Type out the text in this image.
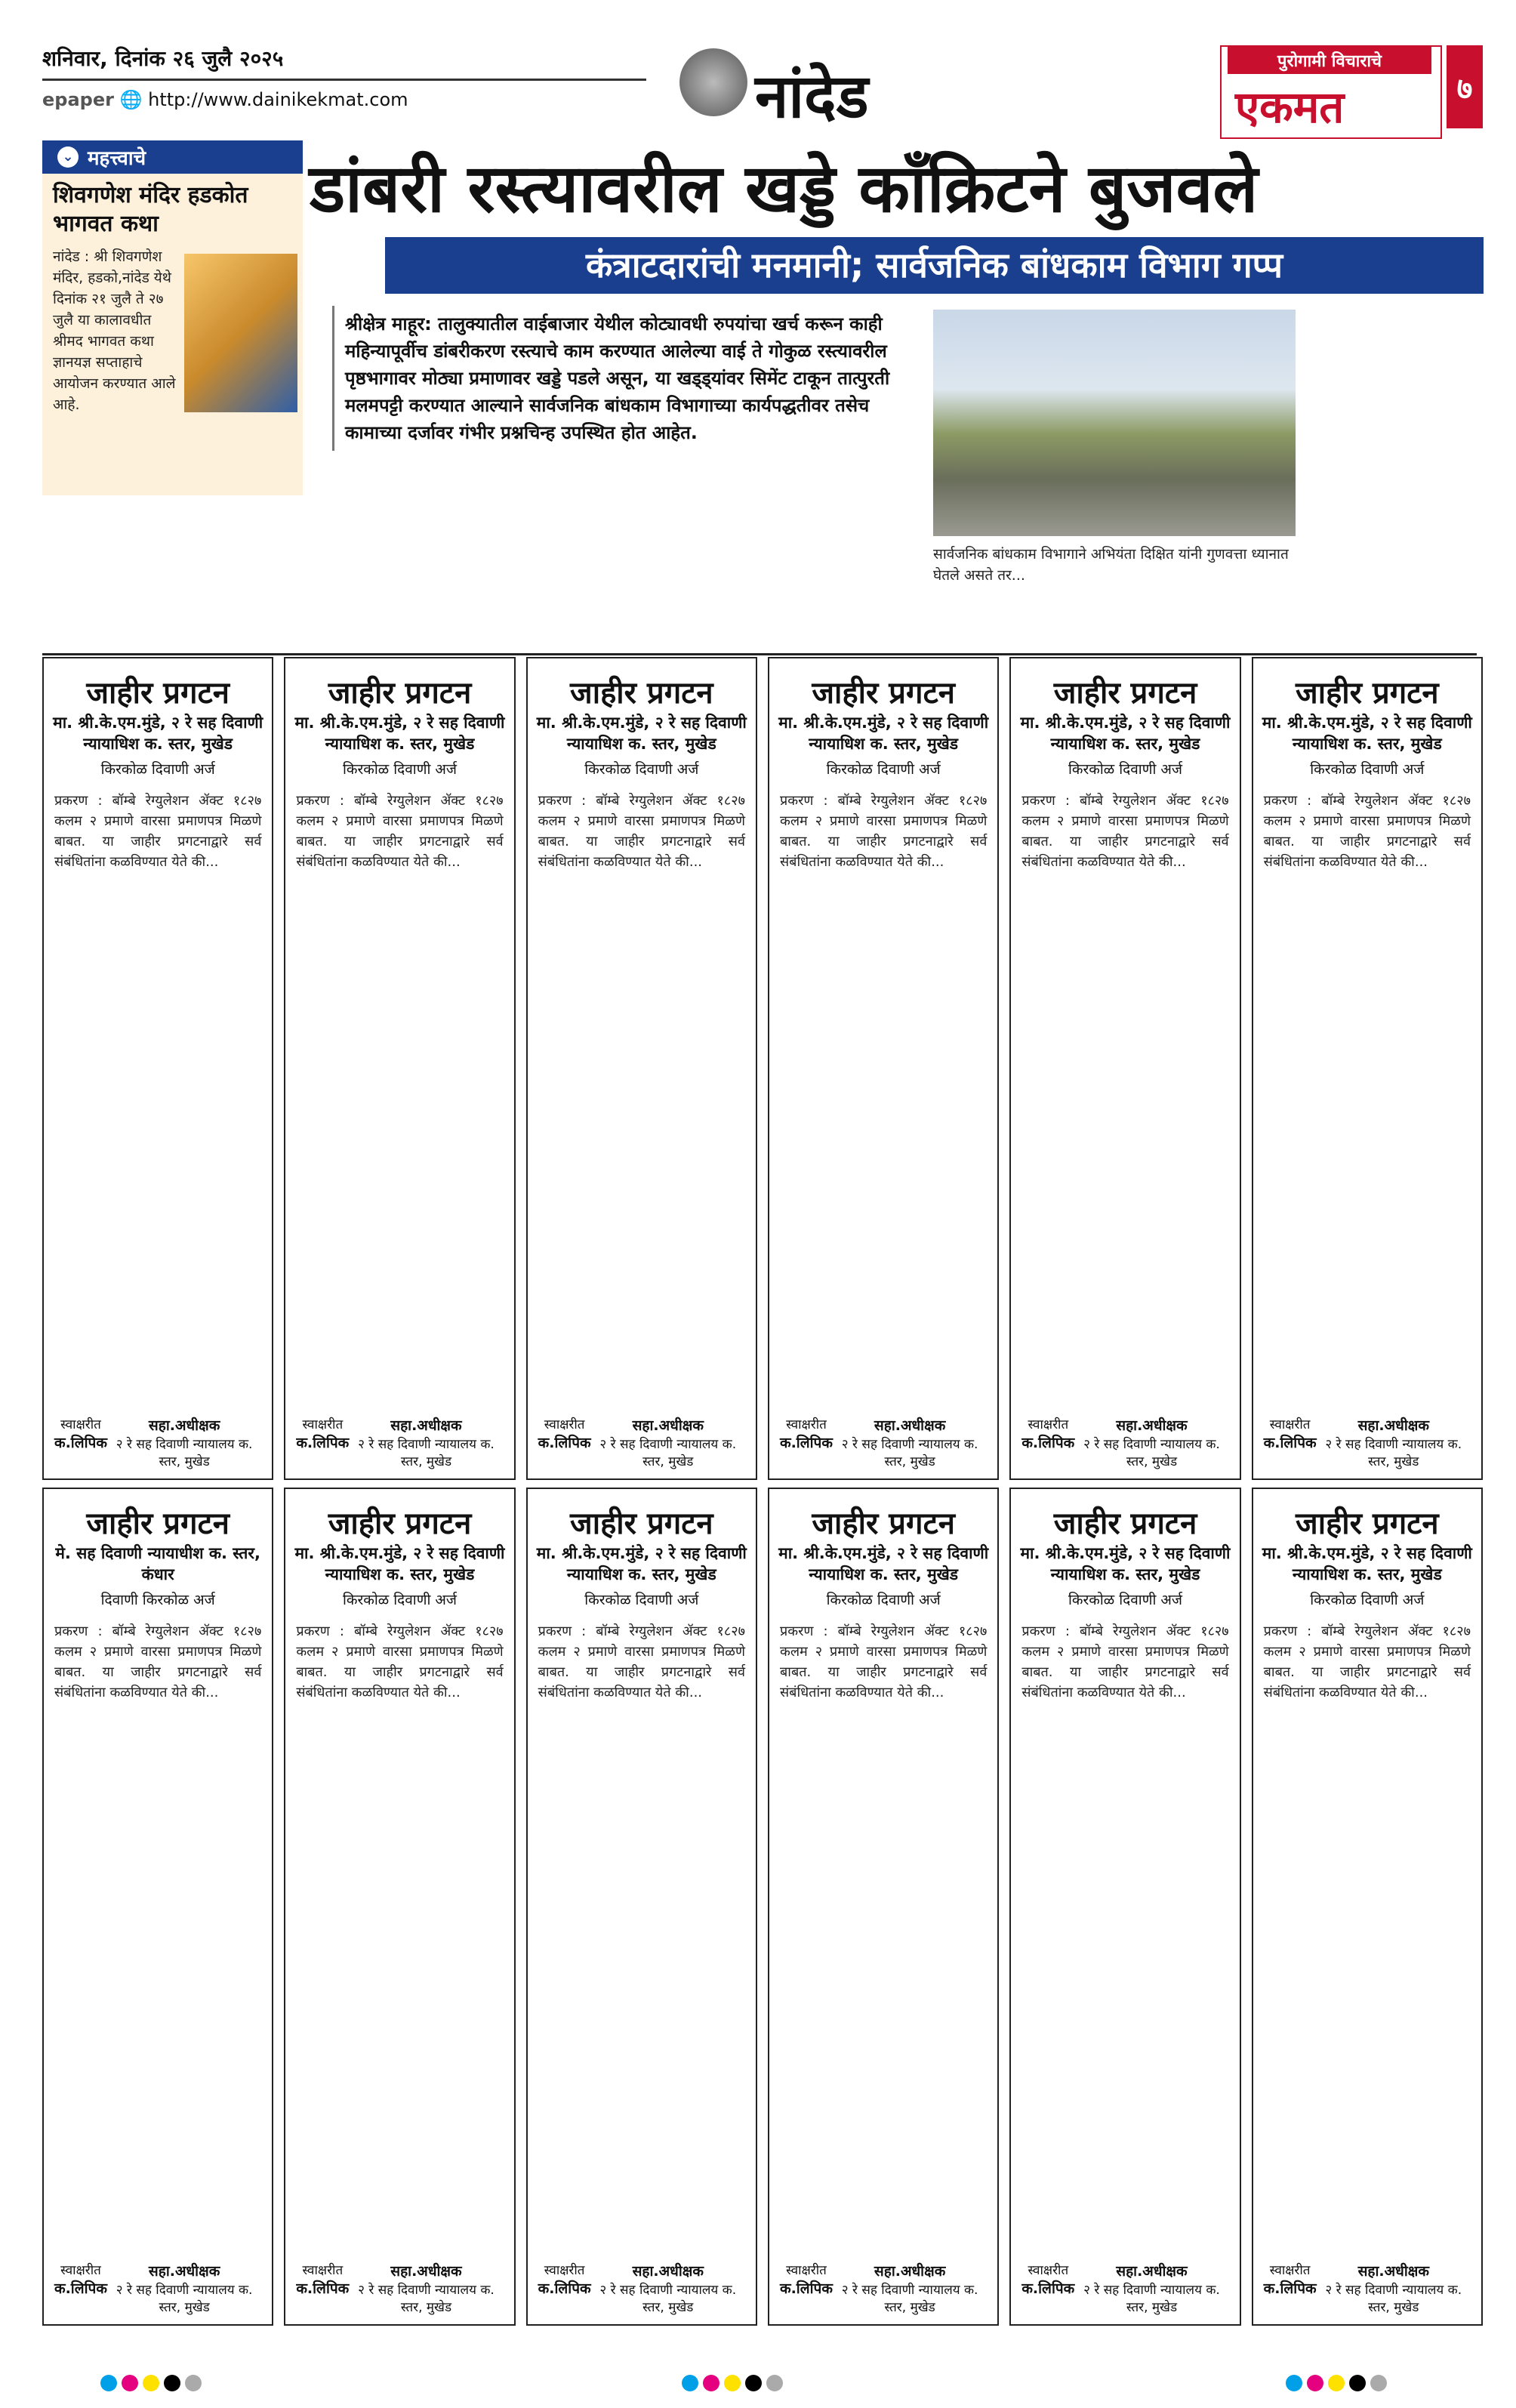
शनिवार, दिनांक २६ जुलै २०२५
epaper 🌐 http://www.dainikekmat.com	नांदेड	पुरोगामी विचाराचे
एकमत	७
⌄ महत्त्वाचे
शिवगणेश मंदिर हडकोत भागवत कथा
नांदेड : श्री शिवगणेश मंदिर, हडको,नांदेड येथे दिनांक २१ जुलै ते २७ जुलै या कालावधीत श्रीमद भागवत कथा ज्ञानयज्ञ सप्ताहाचे आयोजन करण्यात आले आहे.
डांबरी रस्त्यावरील खड्डे कॉंक्रिटने बुजवले
कंत्राटदारांची मनमानी; सार्वजनिक बांधकाम विभाग गप्प
श्रीक्षेत्र माहूर: तालुक्यातील वाईबाजार येथील कोट्यावधी रुपयांचा खर्च करून काही महिन्यापूर्वीच डांबरीकरण रस्त्याचे काम करण्यात आलेल्या वाई ते गोकुळ रस्त्यावरील पृष्ठभागावर मोठ्या प्रमाणावर खड्डे पडले असून, या खड्ड्यांवर सिमेंट टाकून तात्पुरती मलमपट्टी करण्यात आल्याने सार्वजनिक बांधकाम विभागाच्या कार्यपद्धतीवर तसेच कामाच्या दर्जावर गंभीर प्रश्नचिन्ह उपस्थित होत आहेत.
सार्वजनिक बांधकाम विभागाने अभियंता दिक्षित यांनी गुणवत्ता ध्यानात घेतले असते तर...
जाहीर प्रगटन
मा. श्री.के.एम.मुंडे, २ रे सह दिवाणी न्यायाधिश क. स्तर, मुखेड
किरकोळ दिवाणी अर्ज
प्रकरण : बॉम्बे रेग्युलेशन ॲक्ट १८२७ कलम २ प्रमाणे वारसा प्रमाणपत्र मिळणे बाबत. या जाहीर प्रगटनाद्वारे सर्व संबंधितांना कळविण्यात येते की...
स्वाक्षरीत
क.लिपिक
सहा.अधीक्षक
२ रे सह दिवाणी न्यायालय क. स्तर, मुखेड
जाहीर प्रगटन
मा. श्री.के.एम.मुंडे, २ रे सह दिवाणी न्यायाधिश क. स्तर, मुखेड
किरकोळ दिवाणी अर्ज
प्रकरण : बॉम्बे रेग्युलेशन ॲक्ट १८२७ कलम २ प्रमाणे वारसा प्रमाणपत्र मिळणे बाबत. या जाहीर प्रगटनाद्वारे सर्व संबंधितांना कळविण्यात येते की...
स्वाक्षरीत
क.लिपिक
सहा.अधीक्षक
२ रे सह दिवाणी न्यायालय क. स्तर, मुखेड
जाहीर प्रगटन
मा. श्री.के.एम.मुंडे, २ रे सह दिवाणी न्यायाधिश क. स्तर, मुखेड
किरकोळ दिवाणी अर्ज
प्रकरण : बॉम्बे रेग्युलेशन ॲक्ट १८२७ कलम २ प्रमाणे वारसा प्रमाणपत्र मिळणे बाबत. या जाहीर प्रगटनाद्वारे सर्व संबंधितांना कळविण्यात येते की...
स्वाक्षरीत
क.लिपिक
सहा.अधीक्षक
२ रे सह दिवाणी न्यायालय क. स्तर, मुखेड
जाहीर प्रगटन
मा. श्री.के.एम.मुंडे, २ रे सह दिवाणी न्यायाधिश क. स्तर, मुखेड
किरकोळ दिवाणी अर्ज
प्रकरण : बॉम्बे रेग्युलेशन ॲक्ट १८२७ कलम २ प्रमाणे वारसा प्रमाणपत्र मिळणे बाबत. या जाहीर प्रगटनाद्वारे सर्व संबंधितांना कळविण्यात येते की...
स्वाक्षरीत
क.लिपिक
सहा.अधीक्षक
२ रे सह दिवाणी न्यायालय क. स्तर, मुखेड
जाहीर प्रगटन
मा. श्री.के.एम.मुंडे, २ रे सह दिवाणी न्यायाधिश क. स्तर, मुखेड
किरकोळ दिवाणी अर्ज
प्रकरण : बॉम्बे रेग्युलेशन ॲक्ट १८२७ कलम २ प्रमाणे वारसा प्रमाणपत्र मिळणे बाबत. या जाहीर प्रगटनाद्वारे सर्व संबंधितांना कळविण्यात येते की...
स्वाक्षरीत
क.लिपिक
सहा.अधीक्षक
२ रे सह दिवाणी न्यायालय क. स्तर, मुखेड
जाहीर प्रगटन
मा. श्री.के.एम.मुंडे, २ रे सह दिवाणी न्यायाधिश क. स्तर, मुखेड
किरकोळ दिवाणी अर्ज
प्रकरण : बॉम्बे रेग्युलेशन ॲक्ट १८२७ कलम २ प्रमाणे वारसा प्रमाणपत्र मिळणे बाबत. या जाहीर प्रगटनाद्वारे सर्व संबंधितांना कळविण्यात येते की...
स्वाक्षरीत
क.लिपिक
सहा.अधीक्षक
२ रे सह दिवाणी न्यायालय क. स्तर, मुखेड
जाहीर प्रगटन
मे. सह दिवाणी न्यायाधीश क. स्तर, कंधार
दिवाणी किरकोळ अर्ज
प्रकरण : बॉम्बे रेग्युलेशन ॲक्ट १८२७ कलम २ प्रमाणे वारसा प्रमाणपत्र मिळणे बाबत. या जाहीर प्रगटनाद्वारे सर्व संबंधितांना कळविण्यात येते की...
स्वाक्षरीत
क.लिपिक
सहा.अधीक्षक
२ रे सह दिवाणी न्यायालय क. स्तर, मुखेड
जाहीर प्रगटन
मा. श्री.के.एम.मुंडे, २ रे सह दिवाणी न्यायाधिश क. स्तर, मुखेड
किरकोळ दिवाणी अर्ज
प्रकरण : बॉम्बे रेग्युलेशन ॲक्ट १८२७ कलम २ प्रमाणे वारसा प्रमाणपत्र मिळणे बाबत. या जाहीर प्रगटनाद्वारे सर्व संबंधितांना कळविण्यात येते की...
स्वाक्षरीत
क.लिपिक
सहा.अधीक्षक
२ रे सह दिवाणी न्यायालय क. स्तर, मुखेड
जाहीर प्रगटन
मा. श्री.के.एम.मुंडे, २ रे सह दिवाणी न्यायाधिश क. स्तर, मुखेड
किरकोळ दिवाणी अर्ज
प्रकरण : बॉम्बे रेग्युलेशन ॲक्ट १८२७ कलम २ प्रमाणे वारसा प्रमाणपत्र मिळणे बाबत. या जाहीर प्रगटनाद्वारे सर्व संबंधितांना कळविण्यात येते की...
स्वाक्षरीत
क.लिपिक
सहा.अधीक्षक
२ रे सह दिवाणी न्यायालय क. स्तर, मुखेड
जाहीर प्रगटन
मा. श्री.के.एम.मुंडे, २ रे सह दिवाणी न्यायाधिश क. स्तर, मुखेड
किरकोळ दिवाणी अर्ज
प्रकरण : बॉम्बे रेग्युलेशन ॲक्ट १८२७ कलम २ प्रमाणे वारसा प्रमाणपत्र मिळणे बाबत. या जाहीर प्रगटनाद्वारे सर्व संबंधितांना कळविण्यात येते की...
स्वाक्षरीत
क.लिपिक
सहा.अधीक्षक
२ रे सह दिवाणी न्यायालय क. स्तर, मुखेड
जाहीर प्रगटन
मा. श्री.के.एम.मुंडे, २ रे सह दिवाणी न्यायाधिश क. स्तर, मुखेड
किरकोळ दिवाणी अर्ज
प्रकरण : बॉम्बे रेग्युलेशन ॲक्ट १८२७ कलम २ प्रमाणे वारसा प्रमाणपत्र मिळणे बाबत. या जाहीर प्रगटनाद्वारे सर्व संबंधितांना कळविण्यात येते की...
स्वाक्षरीत
क.लिपिक
सहा.अधीक्षक
२ रे सह दिवाणी न्यायालय क. स्तर, मुखेड
जाहीर प्रगटन
मा. श्री.के.एम.मुंडे, २ रे सह दिवाणी न्यायाधिश क. स्तर, मुखेड
किरकोळ दिवाणी अर्ज
प्रकरण : बॉम्बे रेग्युलेशन ॲक्ट १८२७ कलम २ प्रमाणे वारसा प्रमाणपत्र मिळणे बाबत. या जाहीर प्रगटनाद्वारे सर्व संबंधितांना कळविण्यात येते की...
स्वाक्षरीत
क.लिपिक
सहा.अधीक्षक
२ रे सह दिवाणी न्यायालय क. स्तर, मुखेड
